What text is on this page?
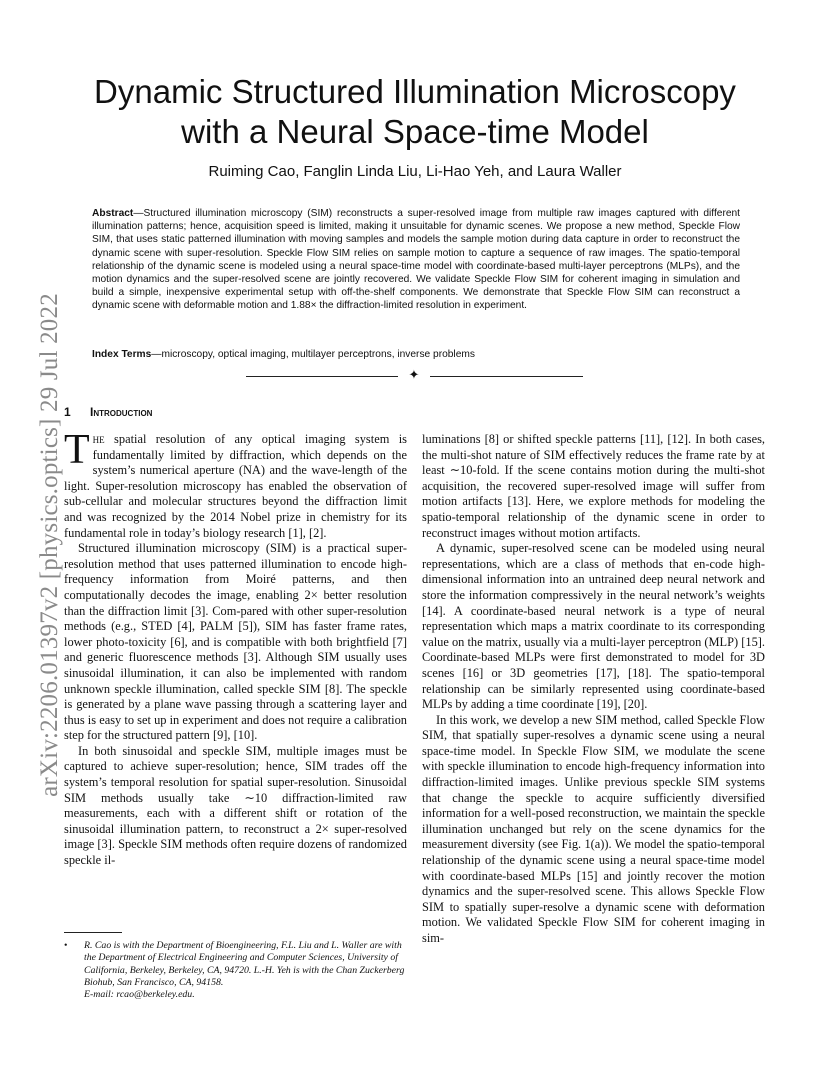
arXiv:2206.01397v2 [physics.optics] 29 Jul 2022
Dynamic Structured Illumination Microscopy
with a Neural Space-time Model
Ruiming Cao, Fanglin Linda Liu, Li-Hao Yeh, and Laura Waller

Abstract—Structured illumination microscopy (SIM) reconstructs a super-resolved image from multiple raw images captured with different illumination patterns; hence, acquisition speed is limited, making it unsuitable for dynamic scenes. We propose a new method, Speckle Flow SIM, that uses static patterned illumination with moving samples and models the sample motion during data capture in order to reconstruct the dynamic scene with super-resolution. Speckle Flow SIM relies on sample motion to capture a sequence of raw images. The spatio-temporal relationship of the dynamic scene is modeled using a neural space-time model with coordinate-based multi-layer perceptrons (MLPs), and the motion dynamics and the super-resolved scene are jointly recovered. We validate Speckle Flow SIM for coherent imaging in simulation and build a simple, inexpensive experimental setup with off-the-shelf components. We demonstrate that Speckle Flow SIM can reconstruct a dynamic scene with deformable motion and 1.88× the diffraction-limited resolution in experiment.

Index Terms—microscopy, optical imaging, multilayer perceptrons, inverse problems

✦
1 Introduction

The spatial resolution of any optical imaging system is fundamentally limited by diffraction, which depends on the system’s numerical aperture (NA) and the wave-length of the light. Super-resolution microscopy has enabled the observation of sub-cellular and molecular structures beyond the diffraction limit and was recognized by the 2014 Nobel prize in chemistry for its fundamental role in today’s biology research [1], [2].

Structured illumination microscopy (SIM) is a practical super-resolution method that uses patterned illumination to encode high-frequency information from Moiré patterns, and then computationally decodes the image, enabling 2× better resolution than the diffraction limit [3]. Com-pared with other super-resolution methods (e.g., STED [4], PALM [5]), SIM has faster frame rates, lower photo-toxicity [6], and is compatible with both brightfield [7] and generic fluorescence methods [3]. Although SIM usually uses sinusoidal illumination, it can also be implemented with random unknown speckle illumination, called speckle SIM [8]. The speckle is generated by a plane wave passing through a scattering layer and thus is easy to set up in experiment and does not require a calibration step for the structured pattern [9], [10].

In both sinusoidal and speckle SIM, multiple images must be captured to achieve super-resolution; hence, SIM trades off the system’s temporal resolution for spatial super-resolution. Sinusoidal SIM methods usually take ∼10 diffraction-limited raw measurements, each with a different shift or rotation of the sinusoidal illumination pattern, to reconstruct a 2× super-resolved image [3]. Speckle SIM methods often require dozens of randomized speckle il-

luminations [8] or shifted speckle patterns [11], [12]. In both cases, the multi-shot nature of SIM effectively reduces the frame rate by at least ∼10-fold. If the scene contains motion during the multi-shot acquisition, the recovered super-resolved image will suffer from motion artifacts [13]. Here, we explore methods for modeling the spatio-temporal relationship of the dynamic scene in order to reconstruct images without motion artifacts.

A dynamic, super-resolved scene can be modeled using neural representations, which are a class of methods that en-code high-dimensional information into an untrained deep neural network and store the information compressively in the neural network’s weights [14]. A coordinate-based neural network is a type of neural representation which maps a matrix coordinate to its corresponding value on the matrix, usually via a multi-layer perceptron (MLP) [15]. Coordinate-based MLPs were first demonstrated to model for 3D scenes [16] or 3D geometries [17], [18]. The spatio-temporal relationship can be similarly represented using coordinate-based MLPs by adding a time coordinate [19], [20].

In this work, we develop a new SIM method, called Speckle Flow SIM, that spatially super-resolves a dynamic scene using a neural space-time model. In Speckle Flow SIM, we modulate the scene with speckle illumination to encode high-frequency information into diffraction-limited images. Unlike previous speckle SIM systems that change the speckle to acquire sufficiently diversified information for a well-posed reconstruction, we maintain the speckle illumination unchanged but rely on the scene dynamics for the measurement diversity (see Fig. 1(a)). We model the spatio-temporal relationship of the dynamic scene using a neural space-time model with coordinate-based MLPs [15] and jointly recover the motion dynamics and the super-resolved scene. This allows Speckle Flow SIM to spatially super-resolve a dynamic scene with deformation motion. We validated Speckle Flow SIM for coherent imaging in sim-

• R. Cao is with the Department of Bioengineering, F.L. Liu and L. Waller are with the Department of Electrical Engineering and Computer Sciences, University of California, Berkeley, Berkeley, CA, 94720. L.-H. Yeh is with the Chan Zuckerberg Biohub, San Francisco, CA, 94158.
E-mail: rcao@berkeley.edu.
